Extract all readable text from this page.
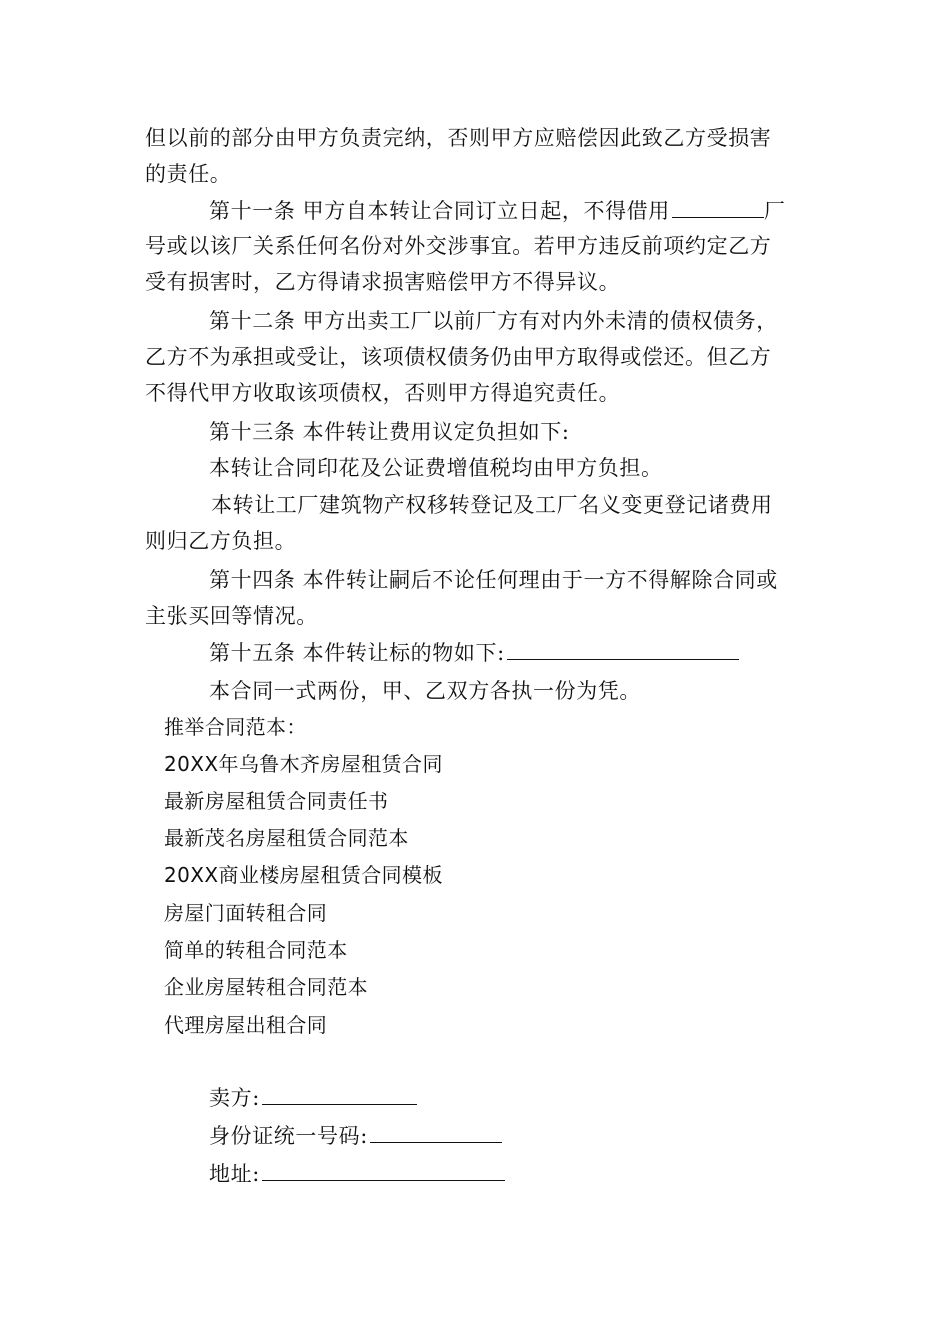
但以前的部分由甲方负责完纳，否则甲方应赔偿因此致乙方受损害
的责任。
第十一条 甲方自本转让合同订立日起，不得借用	厂
号或以该厂关系任何名份对外交涉事宜。若甲方违反前项约定乙方
受有损害时，乙方得请求损害赔偿甲方不得异议。
第十二条 甲方出卖工厂以前厂方有对内外未清的债权债务，
乙方不为承担或受让，该项债权债务仍由甲方取得或偿还。但乙方
不得代甲方收取该项债权，否则甲方得追究责任。
第十三条 本件转让费用议定负担如下:
本转让合同印花及公证费增值税均由甲方负担。
本转让工厂建筑物产权移转登记及工厂名义变更登记诸费用
则归乙方负担。
第十四条 本件转让嗣后不论任何理由于一方不得解除合同或
主张买回等情况。
第十五条 本件转让标的物如下:
本合同一式两份，甲、乙双方各执一份为凭。
推举合同范本：
20XX年乌鲁木齐房屋租赁合同
最新房屋租赁合同责任书
最新茂名房屋租赁合同范本
20XX商业楼房屋租赁合同模板
房屋门面转租合同
简单的转租合同范本
企业房屋转租合同范本
代理房屋出租合同
卖方:
身份证统一号码:
地址:
